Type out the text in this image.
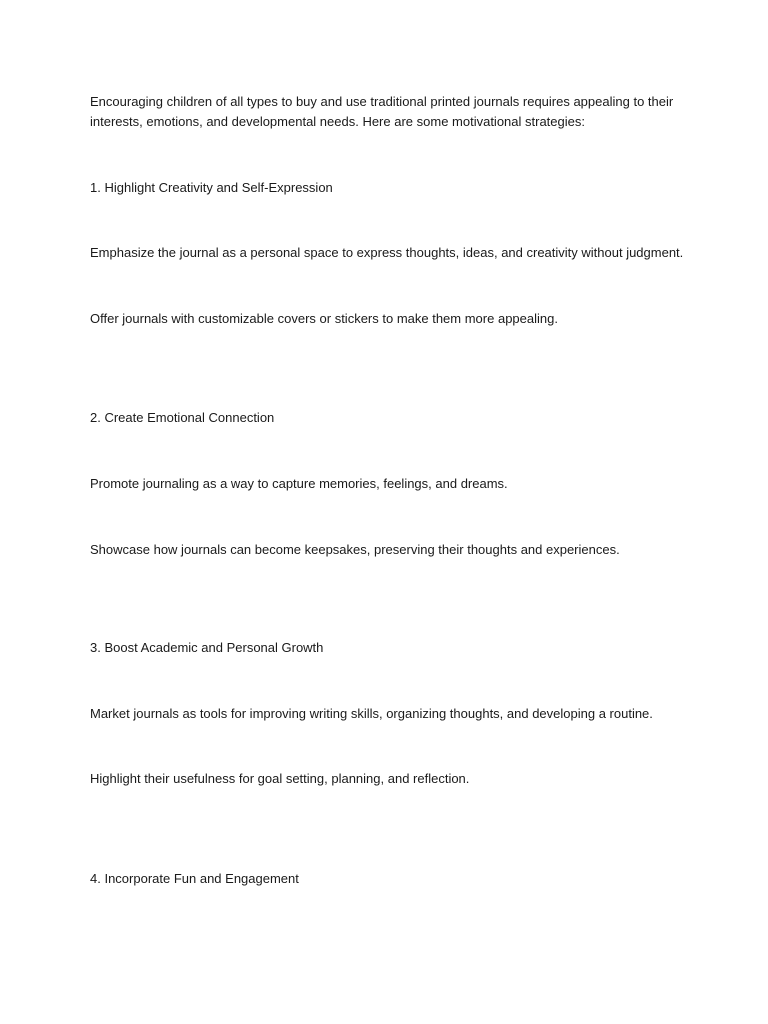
Encouraging children of all types to buy and use traditional printed journals requires appealing to their interests, emotions, and developmental needs. Here are some motivational strategies:

1. Highlight Creativity and Self-Expression

Emphasize the journal as a personal space to express thoughts, ideas, and creativity without judgment.

Offer journals with customizable covers or stickers to make them more appealing.

2. Create Emotional Connection

Promote journaling as a way to capture memories, feelings, and dreams.

Showcase how journals can become keepsakes, preserving their thoughts and experiences.

3. Boost Academic and Personal Growth

Market journals as tools for improving writing skills, organizing thoughts, and developing a routine.

Highlight their usefulness for goal setting, planning, and reflection.

4. Incorporate Fun and Engagement
